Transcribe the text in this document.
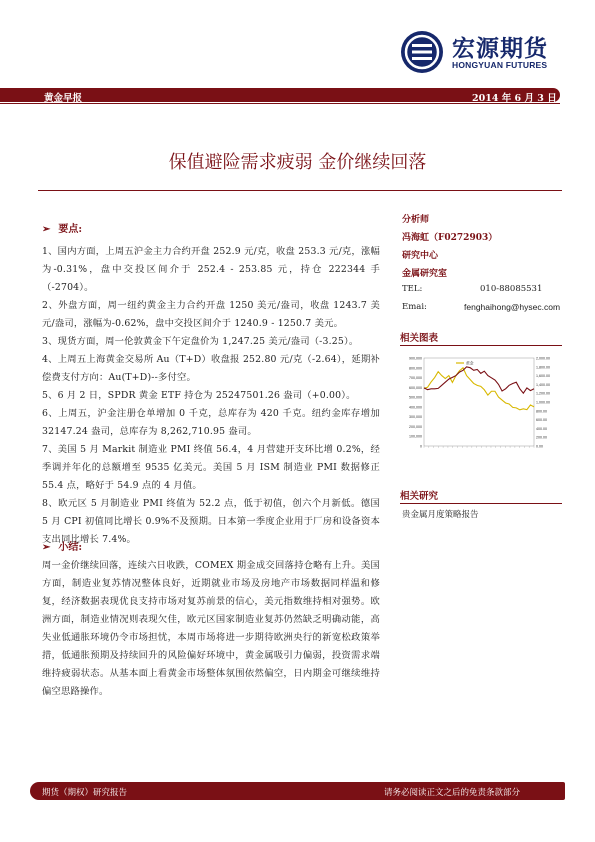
宏源期货
HONGYUAN FUTURES
黄金早报	2014 年 6 月 3 日
保值避险需求疲弱 金价继续回落
➢ 要点:

1、国内方面，上周五沪金主力合约开盘 252.9 元/克，收盘 253.3 元/克，涨幅为-0.31%，盘中交投区间介于 252.4 - 253.85 元，持仓 222344 手（-2704）。

2、外盘方面，周一纽约黄金主力合约开盘 1250 美元/盎司，收盘 1243.7 美元/盎司，涨幅为-0.62%，盘中交投区间介于 1240.9 - 1250.7 美元。

3、现货方面，周一伦敦黄金下午定盘价为 1,247.25 美元/盎司（-3.25）。

4、上周五上海黄金交易所 Au（T+D）收盘报 252.80 元/克（-2.64），延期补偿费支付方向：Au(T+D)--多付空。

5、6 月 2 日，SPDR 黄金 ETF 持仓为 25247501.26 盎司（+0.00）。

6、上周五，沪金注册仓单增加 0 千克，总库存为 420 千克。纽约金库存增加 32147.24 盎司，总库存为 8,262,710.95 盎司。

7、美国 5 月 Markit 制造业 PMI 终值 56.4，4 月营建开支环比增 0.2%，经季调并年化的总额增至 9535 亿美元。美国 5 月 ISM 制造业 PMI 数据修正 55.4 点，略好于 54.9 点的 4 月值。

8、欧元区 5 月制造业 PMI 终值为 52.2 点，低于初值，创六个月新低。德国 5 月 CPI 初值同比增长 0.9%不及预期。日本第一季度企业用于厂房和设备资本支出同比增长 7.4%。

➢ 小结:

周一金价继续回落，连续六日收跌，COMEX 期金成交回落持仓略有上升。美国方面，制造业复苏情况整体良好，近期就业市场及房地产市场数据同样温和修复，经济数据表现优良支持市场对复苏前景的信心，美元指数维持相对强势。欧洲方面，制造业情况则表现欠佳，欧元区国家制造业复苏仍然缺乏明确动能，高失业低通胀环境仍令市场担忧，本周市场将进一步期待欧洲央行的新宽松政策举措，低通胀预期及持续回升的风险偏好环境中，黄金属吸引力偏弱，投资需求端维持疲弱状态。从基本面上看黄金市场整体氛围依然偏空，日内期金可继续维持偏空思路操作。

分析师
冯海虹（F0272903）
研究中心
金属研究室
TEL:	010-88085531
Emai:	fenghaihong@hysec.com
相关图表
900,000
800,000
700,000
600,000
500,000
400,000
300,000
200,000
100,000
0
2,000.00
1,800.00
1,600.00
1,400.00
1,200.00
1,000.00
800.00
600.00
400.00
200.00
0.00
黄金
相关研究
贵金属月度策略报告
期货（期权）研究报告	请务必阅读正文之后的免责条款部分
